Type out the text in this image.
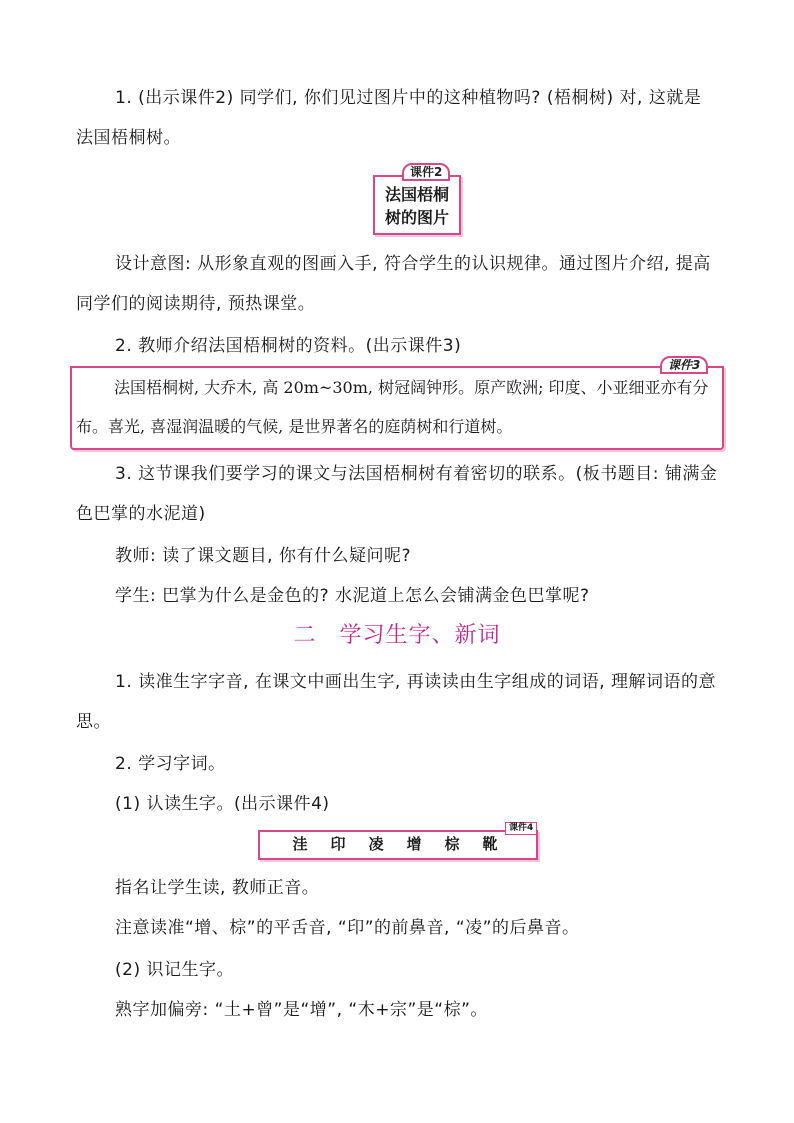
1. (出示课件2) 同学们, 你们见过图片中的这种植物吗? (梧桐树) 对, 这就是法国梧桐树。
课件2
法国梧桐
树的图片
设计意图: 从形象直观的图画入手, 符合学生的认识规律。通过图片介绍, 提高同学们的阅读期待, 预热课堂。
2. 教师介绍法国梧桐树的资料。(出示课件3)
课件3
法国梧桐树, 大乔木, 高 20m~30m, 树冠阔钟形。原产欧洲; 印度、小亚细亚亦有分布。喜光, 喜湿润温暖的气候, 是世界著名的庭荫树和行道树。
3. 这节课我们要学习的课文与法国梧桐树有着密切的联系。(板书题目: 铺满金色巴掌的水泥道)
教师: 读了课文题目, 你有什么疑问呢?
学生: 巴掌为什么是金色的? 水泥道上怎么会铺满金色巴掌呢?
二　学习生字、新词
1. 读准生字字音, 在课文中画出生字, 再读读由生字组成的词语, 理解词语的意思。
2. 学习字词。
(1) 认读生字。(出示课件4)
课件4
洼　印　凌　增　棕　靴
指名让学生读, 教师正音。
注意读准“增、棕”的平舌音, “印”的前鼻音, “凌”的后鼻音。
(2) 识记生字。
熟字加偏旁: “土+曾”是“增”, “木+宗”是“棕”。
